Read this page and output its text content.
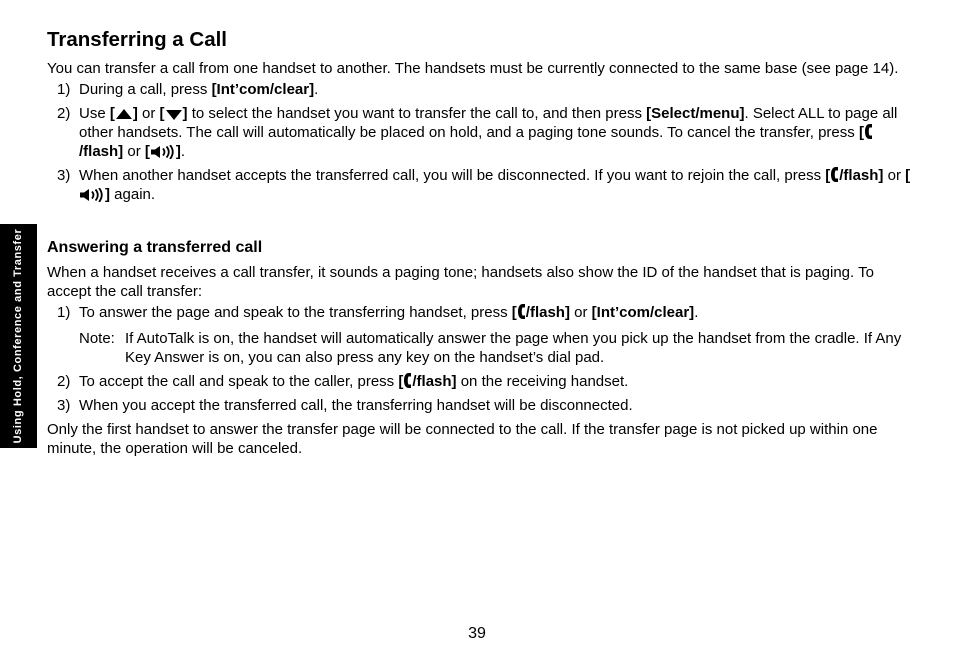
Using Hold, Conference and Transfer
Transferring a Call

You can transfer a call from one handset to another. The handsets must be currently connected to the same base (see page 14).

1) During a call, press [Int’com/clear].
2) Use [ ] or [ ] to select the handset you want to transfer the call to, and then press [Select/menu]. Select ALL to page all other handsets. The call will automatically be placed on hold, and a paging tone sounds. To cancel the transfer, press [/flash] or [ ].
3) When another handset accepts the transferred call, you will be disconnected. If you want to rejoin the call, press [ /flash] or [] again.
Answering a transferred call

When a handset receives a call transfer, it sounds a paging tone; handsets also show the ID of the handset that is paging. To accept the call transfer:

1) To answer the page and speak to the transferring handset, press [ /flash] or [Int’com/clear].
Note: If AutoTalk is on, the handset will automatically answer the page when you pick up the handset from the cradle. If Any Key Answer is on, you can also press any key on the handset’s dial pad.
2) To accept the call and speak to the caller, press [ /flash] on the receiving handset.
3) When you accept the transferred call, the transferring handset will be disconnected.

Only the first handset to answer the transfer page will be connected to the call. If the transfer page is not picked up within one minute, the operation will be canceled.

39
